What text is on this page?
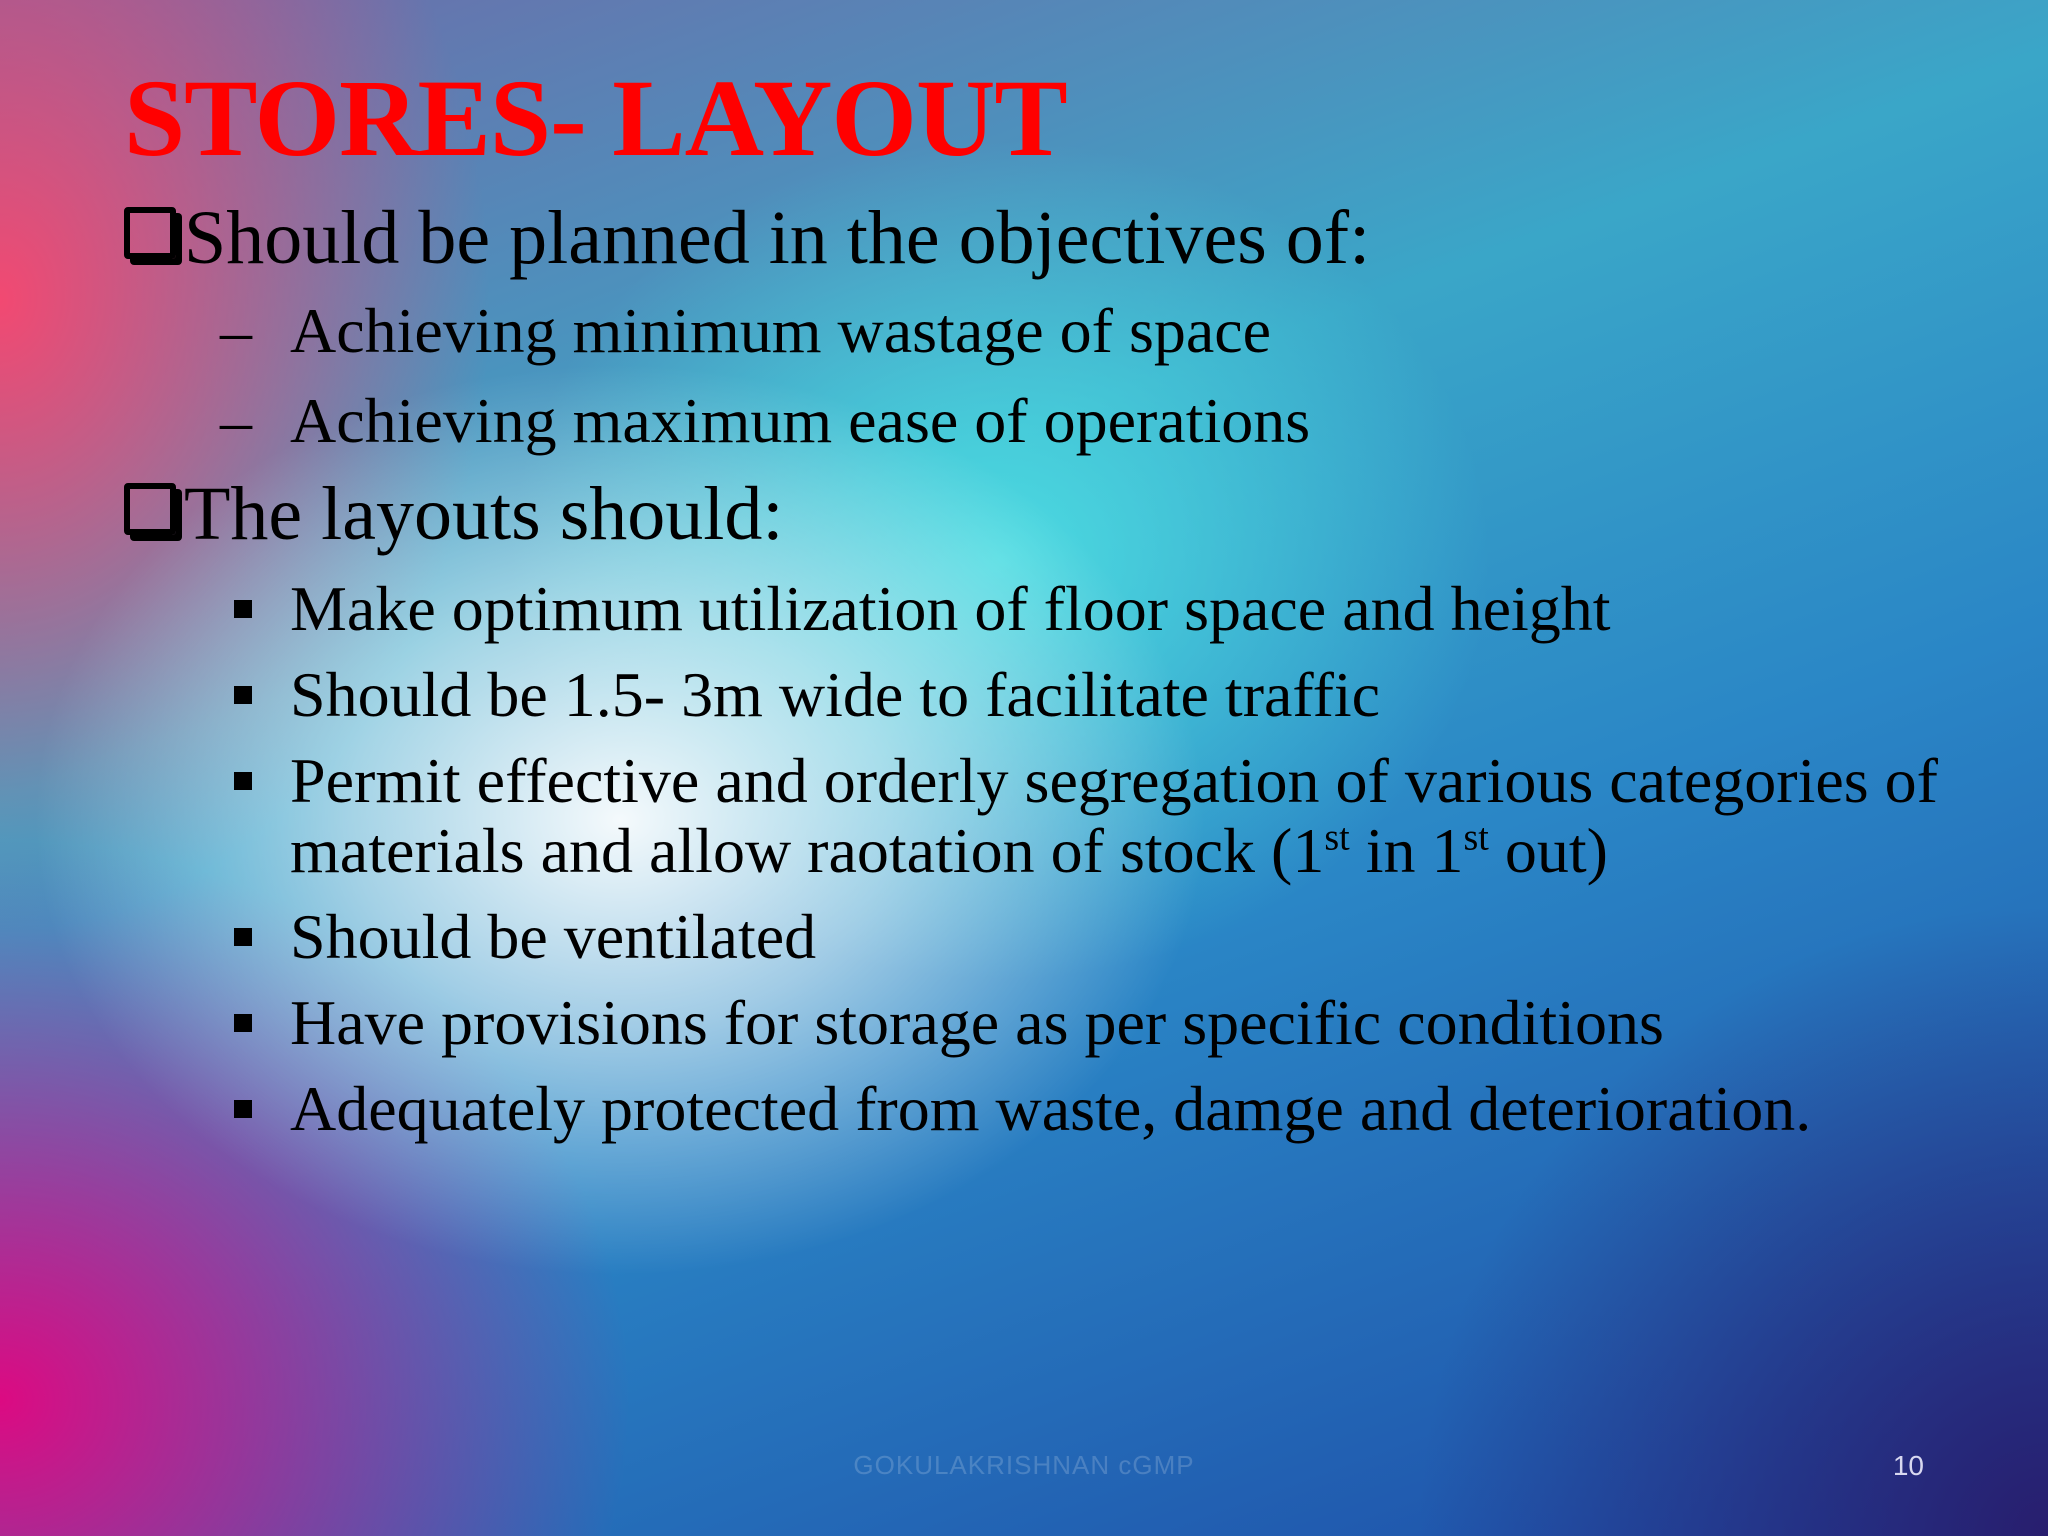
STORES- LAYOUT
Should be planned in the objectives of:
– Achieving minimum wastage of space
– Achieving maximum ease of operations
The layouts should:
Make optimum utilization of floor space and height
Should be 1.5- 3m wide to facilitate traffic
Permit effective and orderly segregation of various categories of materials and allow raotation of stock (1st in 1st out)
Should be ventilated
Have provisions for storage as per specific conditions
Adequately protected from waste, damge and deterioration.
GOKULAKRISHNAN cGMP	10
